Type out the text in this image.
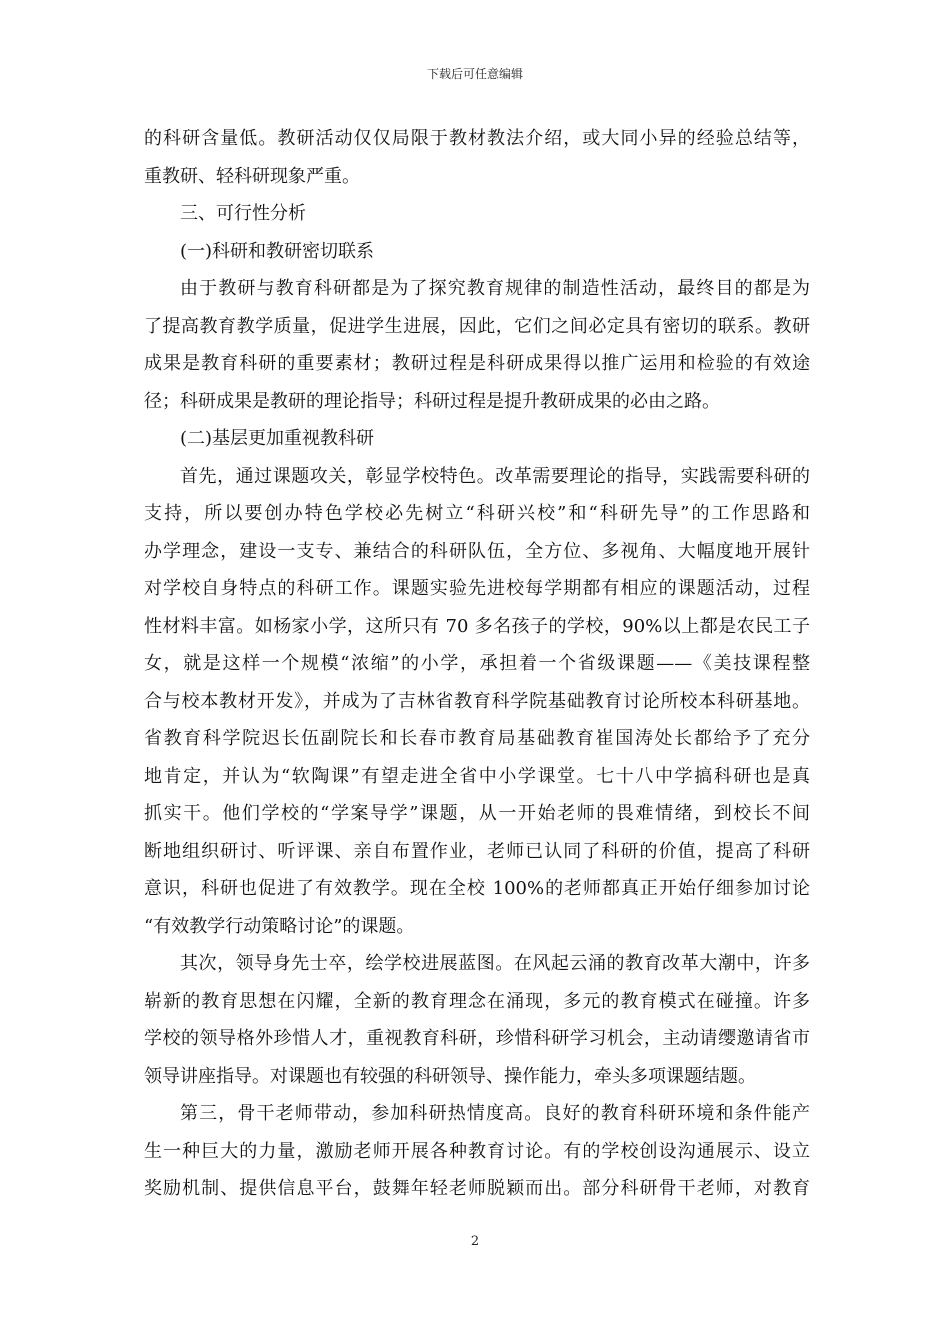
下载后可任意编辑
的科研含量低。教研活动仅仅局限于教材教法介绍，或大同小异的经验总结等，
重教研、轻科研现象严重。
三、可行性分析
(一)科研和教研密切联系
由于教研与教育科研都是为了探究教育规律的制造性活动，最终目的都是为
了提高教育教学质量，促进学生进展，因此，它们之间必定具有密切的联系。教研
成果是教育科研的重要素材；教研过程是科研成果得以推广运用和检验的有效途
径；科研成果是教研的理论指导；科研过程是提升教研成果的必由之路。
(二)基层更加重视教科研
首先，通过课题攻关，彰显学校特色。改革需要理论的指导，实践需要科研的
支持，所以要创办特色学校必先树立“科研兴校”和“科研先导”的工作思路和
办学理念，建设一支专、兼结合的科研队伍，全方位、多视角、大幅度地开展针
对学校自身特点的科研工作。课题实验先进校每学期都有相应的课题活动，过程
性材料丰富。如杨家小学，这所只有 70 多名孩子的学校，90%以上都是农民工子
女，就是这样一个规模“浓缩”的小学，承担着一个省级课题——《美技课程整
合与校本教材开发》，并成为了吉林省教育科学院基础教育讨论所校本科研基地。
省教育科学院迟长伍副院长和长春市教育局基础教育崔国涛处长都给予了充分
地肯定，并认为“软陶课”有望走进全省中小学课堂。七十八中学搞科研也是真
抓实干。他们学校的“学案导学”课题，从一开始老师的畏难情绪，到校长不间
断地组织研讨、听评课、亲自布置作业，老师已认同了科研的价值，提高了科研
意识，科研也促进了有效教学。现在全校 100%的老师都真正开始仔细参加讨论
“有效教学行动策略讨论”的课题。
其次，领导身先士卒，绘学校进展蓝图。在风起云涌的教育改革大潮中，许多
崭新的教育思想在闪耀，全新的教育理念在涌现，多元的教育模式在碰撞。许多
学校的领导格外珍惜人才，重视教育科研，珍惜科研学习机会，主动请缨邀请省市
领导讲座指导。对课题也有较强的科研领导、操作能力，牵头多项课题结题。
第三，骨干老师带动，参加科研热情度高。良好的教育科研环境和条件能产
生一种巨大的力量，激励老师开展各种教育讨论。有的学校创设沟通展示、设立
奖励机制、提供信息平台，鼓舞年轻老师脱颖而出。部分科研骨干老师，对教育
2
